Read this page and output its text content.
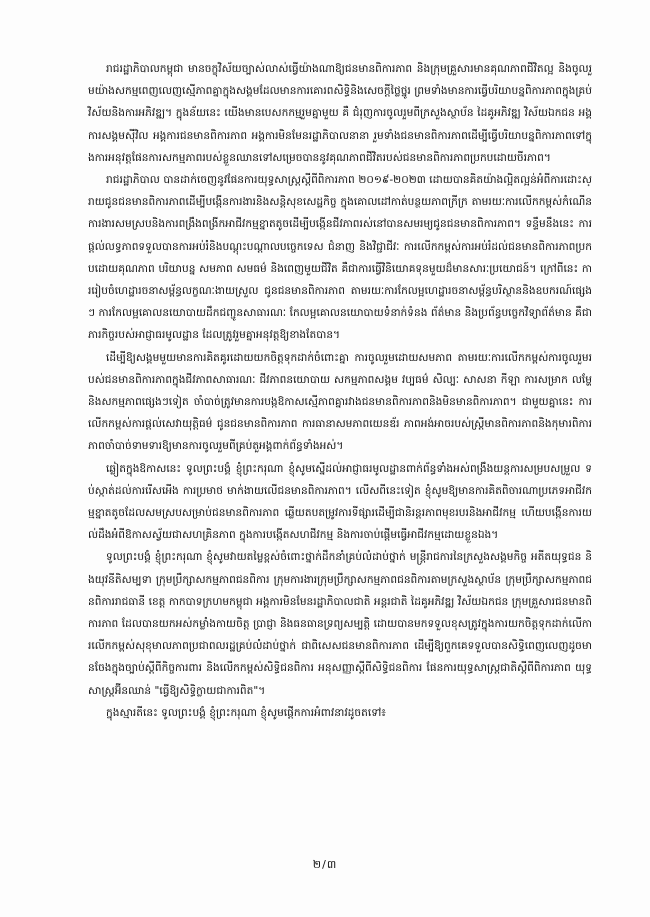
រាជរដ្ឋាភិបាលកម្ពុជា មានចក្ខុវិស័យច្បាស់លាស់ធ្វើយ៉ាងណាឱ្យជនមានពិការភាព និងក្រុមគ្រួសារមានគុណភាពជីវិតល្អ និងចូលរួមយ៉ាងសកម្មពេញលេញស្មើភាពគ្នាក្នុងសង្គមដែលមានការគោរពសិទ្ធិនិងសេចក្ដីថ្លៃថ្នូរ ព្រមទាំងមានការធ្វើបរិយាបន្នពិការភាពក្នុងគ្រប់វិស័យនិងការអភិវឌ្ឍ។ ក្នុងន័យនេះ យើងមានបេសកកម្មរួមគ្នាមួយ គឺ ជំរុញការចូលរួមពីក្រសួងស្ថាប័ន ដៃគូអភិវឌ្ឍ វិស័យឯកជន អង្គការសង្គមស៊ីវិល អង្គការជនមានពិការភាព អង្គការមិនមែនរដ្ឋាភិបាលនានា រួមទាំងជនមានពិការភាពដើម្បីធ្វើបរិយាបន្នពិការភាពទៅក្នុងការអនុវត្តផែនការសកម្មភាពរបស់ខ្លួនឈានទៅសម្រេចបាននូវគុណភាពជីវិតរបស់ជនមានពិការភាពប្រកបដោយចីរភាព។

រាជរដ្ឋាភិបាល បានដាក់ចេញនូវផែនការយុទ្ធសាស្ត្រស្ដីពីពិការភាព ២០១៩-២០២៣ ដោយបានគិតយ៉ាងល្អិតល្អន់អំពីការដោះស្រាយជូនជនមានពិការភាពដើម្បីបង្កើនការងារនិងសន្តិសុខសេដ្ឋកិច្ច ក្នុងគោលដៅកាត់បន្ថយភាពក្រីក្រ តាមរយៈការលើកកម្ពស់កំណើនការងារសមស្របនិងការពង្រឹងពង្រីកអាជីវកម្មខ្នាតតូចដើម្បីបង្កើនជីវភាពរស់នៅបានសមរម្យជូនជនមានពិការភាព។ ទន្ទឹមនឹងនេះ ការផ្ដល់លទ្ធភាពទទួលបានការអប់រំនិងបណ្ដុះបណ្ដាលបច្ចេកទេស ជំនាញ និងវិជ្ជាជីវៈ ការលើកកម្ពស់ការអប់រំដល់ជនមានពិការភាពប្រកបដោយគុណភាព បរិយាបន្ន សមភាព សមធម៌ និងពេញមួយជីវិត គឺជាការធ្វើវិនិយោគទុនមួយដ៏មានសារៈប្រយោជន៍។ ក្រៅពីនេះ ការរៀបចំហេដ្ឋារចនាសម្ព័ន្ធលក្ខណៈងាយស្រួល ជូនជនមានពិការភាព តាមរយៈការកែលម្អហេដ្ឋារចនាសម្ព័ន្ធបរិស្ថាននិងឧបករណ៍ផ្សេងៗ ការកែលម្អគោលនយោបាយដឹកជញ្ជូនសាធារណៈ កែលម្អគោលនយោបាយទំនាក់ទំនង ព័ត៌មាន និងប្រព័ន្ធបច្ចេកវិទ្យាព័ត៌មាន គឺជាភារកិច្ចរបស់អាជ្ញាធរមូលដ្ឋាន ដែលត្រូវរួមគ្នាអនុវត្តឱ្យខាងតែបាន។

ដើម្បីឱ្យសង្គមមួយមានការគិតគូរដោយយកចិត្តទុកដាក់ចំពោះគ្នា ការចូលរួមដោយសមភាព តាមរយៈការលើកកម្ពស់ការចូលរួមរបស់ជនមានពិការភាពក្នុងជីវភាពសាធារណៈ ជីវភាពនយោបាយ សកម្មភាពសង្គម វប្បធម៌ សិល្បៈ សាសនា កីឡា ការសម្រាក លម្ហែ និងសកម្មភាពផ្សេងៗទៀត ចាំបាច់ត្រូវមានការបង្កឱកាសស្មើភាពគ្នារវាងជនមានពិការភាពនិងមិនមានពិការភាព។ ជាមួយគ្នានេះ ការលើកកម្ពស់ការផ្ដល់សេវាយុត្តិធម៌ ជូនជនមានពិការភាព ការធានាសមភាពយេនឌ័រ ភាពអង់អាចរបស់ស្ត្រីមានពិការភាពនិងកុមារពិការភាពចាំបាច់ទាមទារឱ្យមានការចូលរួមពីគ្រប់តួអង្គពាក់ព័ន្ធទាំងអស់។

ឆ្លៀតក្នុងឱកាសនេះ ទូលព្រះបង្គំ ខ្ញុំព្រះករុណា ខ្ញុំសូមស្នើដល់អាជ្ញាធរមូលដ្ឋានពាក់ព័ន្ធទាំងអស់ពង្រឹងយន្តការសម្របសម្រួល ទប់ស្កាត់ដល់ការរើសអើង ការប្រមាថ មាក់ងាយលើជនមានពិការភាព។ លើសពីនេះទៀត ខ្ញុំសូមឱ្យមានការគិតពិចារណាប្រភេទអាជីវកម្មខ្នាតតូចដែលសមស្របសម្រាប់ជនមានពិការភាព ឆ្លើយតបតម្រូវការទីផ្សារដើម្បីជានិរន្តរភាពមុខរបរនិងអាជីវកម្ម ហើយបង្កើនការយល់ដឹងអំពីឱកាសស្វ័យជាសហគ្រិនភាព ក្នុងការបង្កើតសហជីវកម្ម និងការចាប់ផ្ដើមធ្វើអាជីវកម្មដោយខ្លួនឯង។

ទូលព្រះបង្គំ ខ្ញុំព្រះករុណា ខ្ញុំសូមវាយតម្លៃខ្ពស់ចំពោះថ្នាក់ដឹកនាំគ្រប់លំដាប់ថ្នាក់ មន្ត្រីរាជការនៃក្រសួងសង្គមកិច្ច អតីតយុទ្ធជន និងយុវនីតិសម្បទា ក្រុមប្រឹក្សាសកម្មភាពជនពិការ ក្រុមការងារក្រុមប្រឹក្សាសកម្មភាពជនពិការតាមក្រសួងស្ថាប័ន ក្រុមប្រឹក្សាសកម្មភាពជនពិការរាជធានី ខេត្ត កាកបាទក្រហមកម្ពុជា អង្គការមិនមែនរដ្ឋាភិបាលជាតិ អន្តរជាតិ ដៃគូអភិវឌ្ឍ វិស័យឯកជន ក្រុមគ្រួសារជនមានពិការភាព ដែលបានយកអស់កម្លាំងកាយចិត្ត ប្រាជ្ញា និងធនធានទ្រព្យសម្បត្តិ ដោយបានមកទទួលខុសត្រូវក្នុងការយកចិត្តទុកដាក់លើការលើកកម្ពស់សុខុមាលភាពប្រជាពលរដ្ឋគ្រប់លំដាប់ថ្នាក់ ជាពិសេសជនមានពិការភាព ដើម្បីឱ្យពួកគេទទួលបានសិទ្ធិពេញលេញដូចមានចែងក្នុងច្បាប់ស្ដីពីកិច្ចការពារ និងលើកកម្ពស់សិទ្ធិជនពិការ អនុសញ្ញាស្ដីពីសិទ្ធិជនពិការ ផែនការយុទ្ធសាស្ត្រជាតិស្ដីពីពិការភាព យុទ្ធសាស្ត្រអ៊ីនឈាន់ "ធ្វើឱ្យសិទ្ធិក្លាយជាការពិត"។

ក្នុងស្មារតីនេះ ទូលព្រះបង្គំ ខ្ញុំព្រះករុណា ខ្ញុំសូមផ្ដើកការអំពាវនាវដូចតទៅ៖

២/៣
